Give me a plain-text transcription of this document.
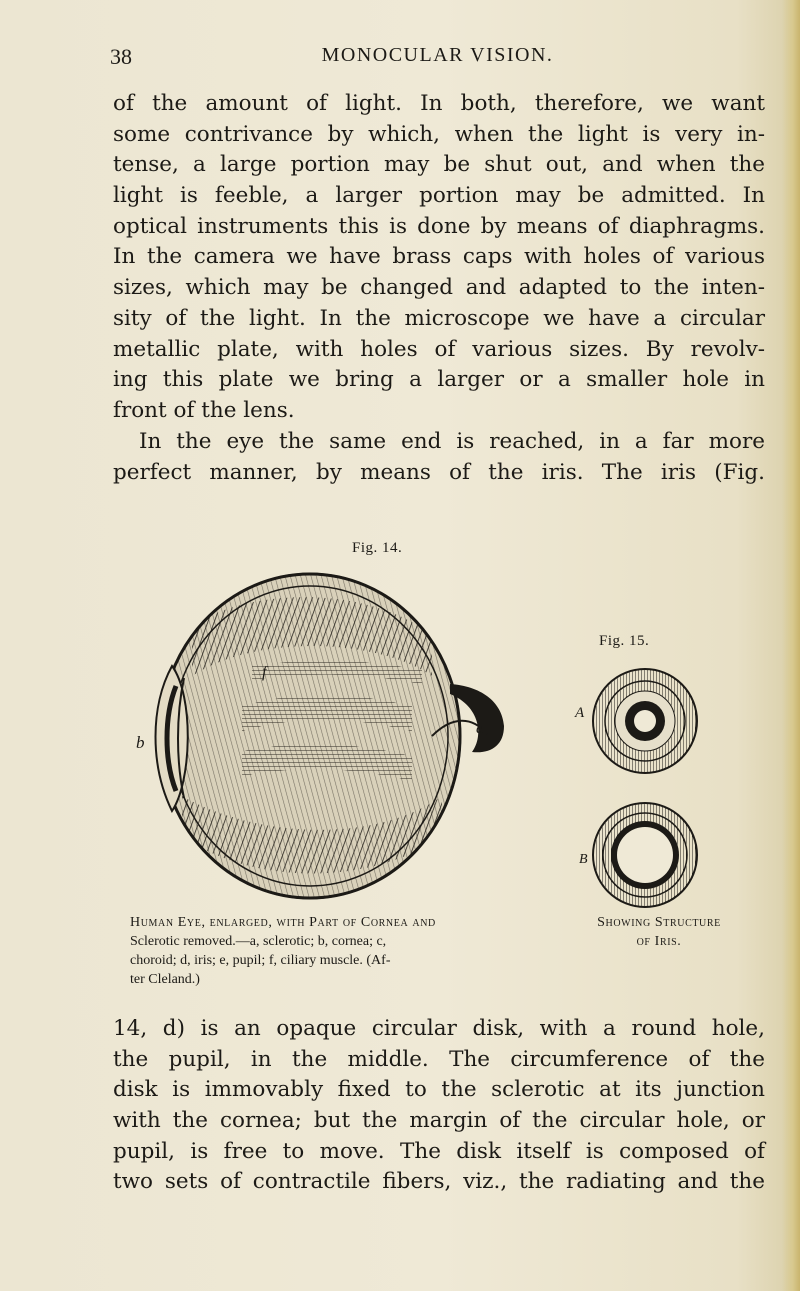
38	MONOCULAR VISION.
of the amount of light. In both, therefore, we want
some contrivance by which, when the light is very in-
tense, a large portion may be shut out, and when the
light is feeble, a larger portion may be admitted. In
optical instruments this is done by means of diaphragms.
In the camera we have brass caps with holes of various
sizes, which may be changed and adapted to the inten-
sity of the light. In the microscope we have a circular
metallic plate, with holes of various sizes. By revolv-
ing this plate we bring a larger or a smaller hole in
front of the lens.
In the eye the same end is reached, in a far more
perfect manner, by means of the iris. The iris (Fig.
Fig. 14.
f
b
a
Fig. 15.
A
B
Human Eye, enlarged, with Part of Cornea and
Sclerotic removed.—a, sclerotic; b, cornea; c,
choroid; d, iris; e, pupil; f, ciliary muscle. (Af-
ter Cleland.)
Showing Structure
of Iris.
14, d) is an opaque circular disk, with a round hole,
the pupil, in the middle. The circumference of the
disk is immovably fixed to the sclerotic at its junction
with the cornea; but the margin of the circular hole, or
pupil, is free to move. The disk itself is composed of
two sets of contractile fibers, viz., the radiating and the
